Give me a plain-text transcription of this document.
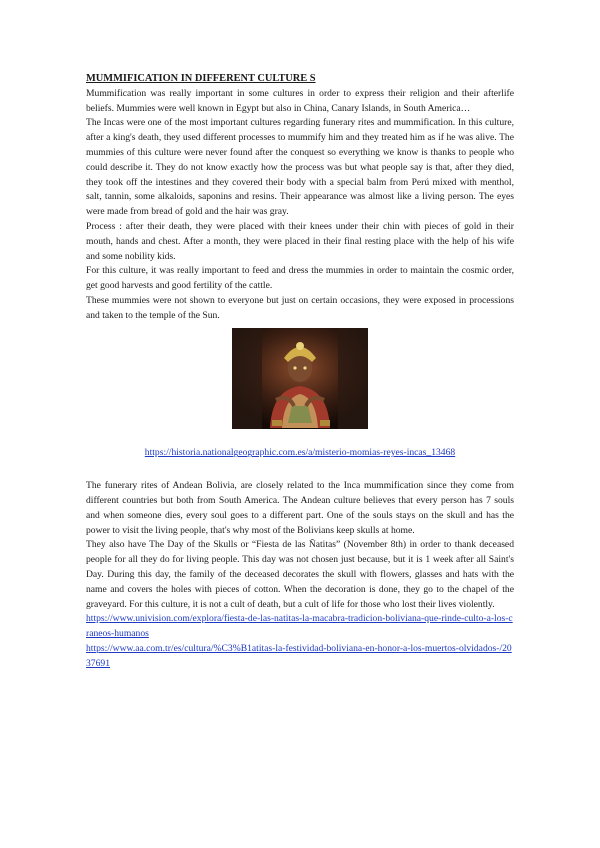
MUMMIFICATION IN DIFFERENT CULTURE S

Mummification was really important in some cultures in order to express their religion and their afterlife beliefs. Mummies were well known in Egypt but also in China, Canary Islands, in South America…

The Incas were one of the most important cultures regarding funerary rites and mummification. In this culture, after a king's death, they used different processes to mummify him and they treated him as if he was alive. The mummies of this culture were never found after the conquest so everything we know is thanks to people who could describe it. They do not know exactly how the process was but what people say is that, after they died, they took off the intestines and they covered their body with a special balm from Perú mixed with menthol, salt, tannin, some alkaloids, saponins and resins. Their appearance was almost like a living person. The eyes were made from bread of gold and the hair was gray.

Process : after their death, they were placed with their knees under their chin with pieces of gold in their mouth, hands and chest. After a month, they were placed in their final resting place with the help of his wife and some nobility kids.

For this culture, it was really important to feed and dress the mummies in order to maintain the cosmic order, get good harvests and good fertility of the cattle.

These mummies were not shown to everyone but just on certain occasions, they were exposed in processions and taken to the temple of the Sun.

https://historia.nationalgeographic.com.es/a/misterio-momias-reyes-incas_13468

The funerary rites of Andean Bolivia, are closely related to the Inca mummification since they come from different countries but both from South America. The Andean culture believes that every person has 7 souls and when someone dies, every soul goes to a different part. One of the souls stays on the skull and has the power to visit the living people, that's why most of the Bolivians keep skulls at home.

They also have The Day of the Skulls or “Fiesta de las Ñatitas” (November 8th) in order to thank deceased people for all they do for living people. This day was not chosen just because, but it is 1 week after all Saint's Day. During this day, the family of the deceased decorates the skull with flowers, glasses and hats with the name and covers the holes with pieces of cotton. When the decoration is done, they go to the chapel of the graveyard. For this culture, it is not a cult of death, but a cult of life for those who lost their lives violently.

https://www.univision.com/explora/fiesta-de-las-natitas-la-macabra-tradicion-boliviana-que-rinde-culto-a-los-craneos-humanos
https://www.aa.com.tr/es/cultura/%C3%B1atitas-la-festividad-boliviana-en-honor-a-los-muertos-olvidados-/2037691
